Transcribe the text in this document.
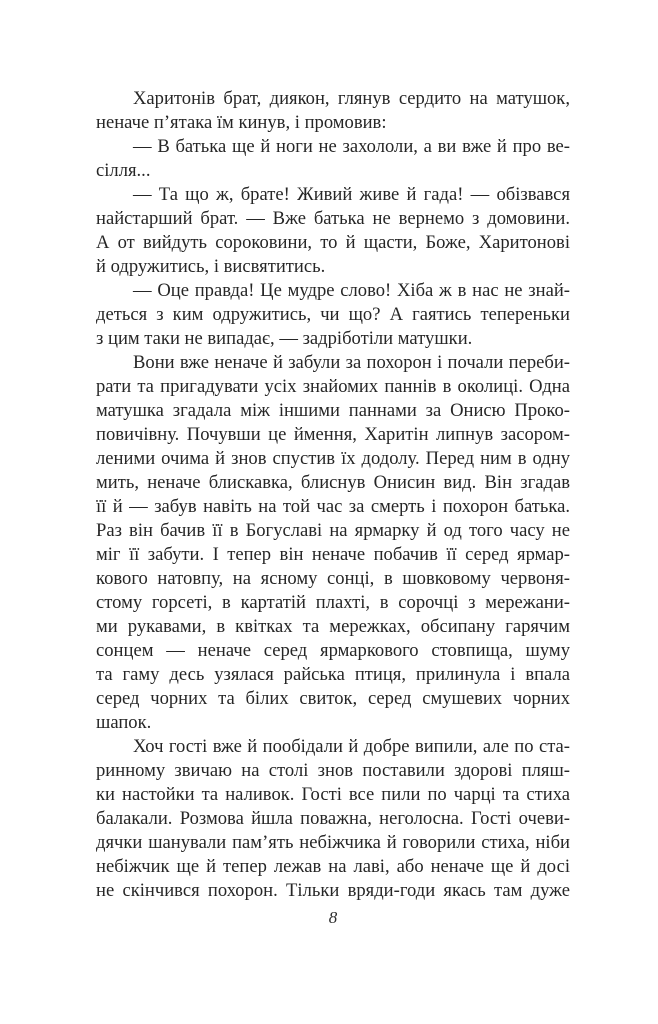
Харитонів брат, диякон, глянув сердито на матушок,
неначе п’ятака їм кинув, і промовив:
— В батька ще й ноги не захололи, а ви вже й про ве-
сілля...
— Та що ж, брате! Живий живе й гада! — обізвався
найстарший брат. — Вже батька не вернемо з домовини.
А от вийдуть сороковини, то й щасти, Боже, Харитонові
й одружитись, і висвятитись.
— Оце правда! Це мудре слово! Хіба ж в нас не знай-
деться з ким одружитись, чи що? А гаятись тепереньки
з цим таки не випадає, — задріботіли матушки.
Вони вже неначе й забули за похорон і почали переби-
рати та пригадувати усіх знайомих паннів в околиці. Одна
матушка згадала між іншими паннами за Онисю Проко-
повичівну. Почувши це ймення, Харитін липнув засором-
леними очима й знов спустив їх додолу. Перед ним в одну
мить, неначе блискавка, блиснув Онисин вид. Він згадав
її й — забув навіть на той час за смерть і похорон батька.
Раз він бачив її в Богуславі на ярмарку й од того часу не
міг її забути. І тепер він неначе побачив її серед ярмар-
кового натовпу, на ясному сонці, в шовковому червоня-
стому горсеті, в картатій плахті, в сорочці з мережани-
ми рукавами, в квітках та мережках, обсипану гарячим
сонцем — неначе серед ярмаркового стовпища, шуму
та гаму десь узялася райська птиця, прилинула і впала
серед чорних та білих свиток, серед смушевих чорних
шапок.
Хоч гості вже й пообідали й добре випили, але по ста-
ринному звичаю на столі знов поставили здорові пляш-
ки настойки та наливок. Гості все пили по чарці та стиха
балакали. Розмова йшла поважна, неголосна. Гості очеви-
дячки шанували пам’ять небіжчика й говорили стиха, ніби
небіжчик ще й тепер лежав на лаві, або неначе ще й досі
не скінчився похорон. Тільки вряди-годи якась там дуже
8
